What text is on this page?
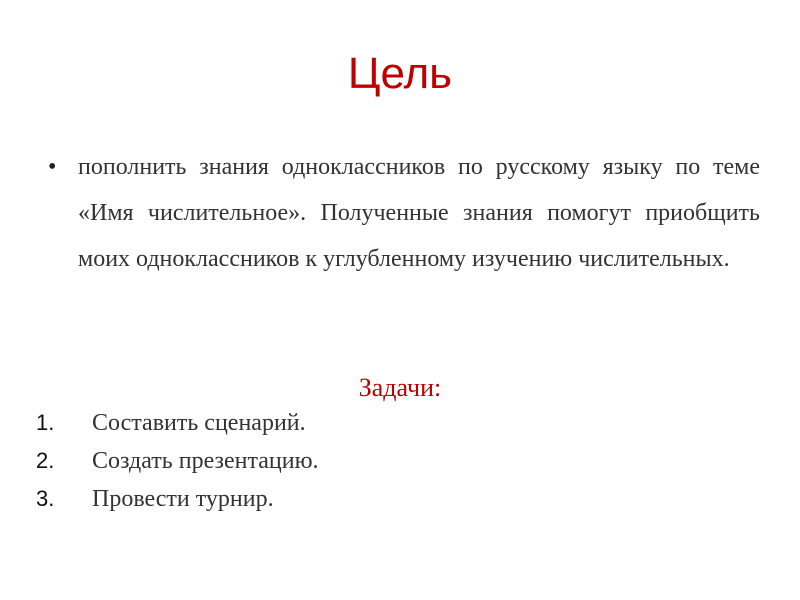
Цель
• пополнить знания одноклассников по русскому языку по теме «Имя числительное». Полученные знания помогут приобщить моих одноклассников к углубленному изучению числительных.

Задачи:
1.	Составить сценарий.
2.	Создать презентацию.
3.	Провести турнир.
